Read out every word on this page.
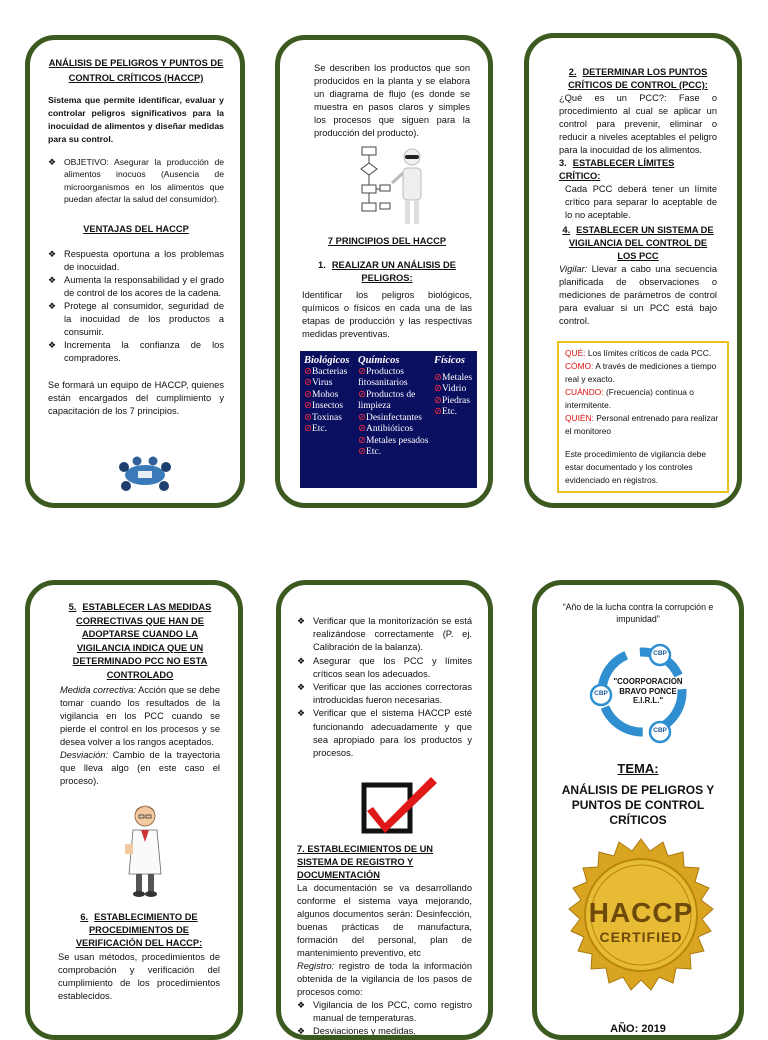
ANÁLISIS DE PELIGROS Y PUNTOS DE CONTROL CRÍTICOS (HACCP)
Sistema que permite identificar, evaluar y controlar peligros significativos para la inocuidad de alimentos y diseñar medidas para su control.
❖ OBJETIVO: Asegurar la producción de alimentos inocuos (Ausencia de microorganismos en los alimentos que puedan afectar la salud del consumidor).
VENTAJAS DEL HACCP
❖ Respuesta oportuna a los problemas de inocuidad.
❖ Aumenta la responsabilidad y el grado de control de los acores de la cadena.
❖ Protege al consumidor, seguridad de la inocuidad de los productos a consumir.
❖ Incrementa la confianza de los compradores.
Se formará un equipo de HACCP, quienes están encargados del cumplimiento y capacitación de los 7 principios.
Se describen los productos que son producidos en la planta y se elabora un diagrama de flujo (es donde se muestra en pasos claros y simples los procesos que siguen para la producción del producto).
7 PRINCIPIOS DEL HACCP
1. REALIZAR UN ANÁLISIS DE PELIGROS:
Identificar los peligros biológicos, químicos o físicos en cada una de las etapas de producción y las respectivas medidas preventivas.
Biológicos
⊘Bacterias
⊘Virus
⊘Mohos
⊘Insectos
⊘Toxinas
⊘Etc.
Químicos
⊘Productos fitosanitarios
⊘Productos de limpieza
⊘Desinfectantes
⊘Antibióticos
⊘Metales pesados
⊘Etc.
Físicos
⊘Metales
⊘Vidrio
⊘Piedras
⊘Etc.
2. DETERMINAR LOS PUNTOS CRÍTICOS DE CONTROL (PCC):
¿Qué es un PCC?: Fase o procedimiento al cual se aplicar un control para prevenir, eliminar o reducir a niveles aceptables el peligro para la inocuidad de los alimentos.
3. ESTABLECER LÍMITES CRÍTICO:
Cada PCC deberá tener un límite crítico para separar lo aceptable de lo no aceptable.
4. ESTABLECER UN SISTEMA DE VIGILANCIA DEL CONTROL DE LOS PCC
Vigilar: Llevar a cabo una secuencia planificada de observaciones o mediciones de parámetros de control para evaluar si un PCC está bajo control.
QUÉ: Los límites críticos de cada PCC.
CÓMO: A través de mediciones a tiempo real y exacto.
CUÁNDO: (Frecuencia) continua o intermitente.
QUIÉN: Personal entrenado para realizar el monitoreo
Este procedimiento de vigilancia debe estar documentado y los controles evidenciado en registros.
5. ESTABLECER LAS MEDIDAS CORRECTIVAS QUE HAN DE ADOPTARSE CUANDO LA VIGILANCIA INDICA QUE UN DETERMINADO PCC NO ESTA CONTROLADO
Medida correctiva: Acción que se debe tomar cuando los resultados de la vigilancia en los PCC cuando se pierde el control en los procesos y se desea volver a los rangos aceptados.
Desviación: Cambio de la trayectoria que lleva algo (en este caso el proceso).
6. ESTABLECIMIENTO DE PROCEDIMIENTOS DE VERIFICACIÓN DEL HACCP:
Se usan métodos, procedimientos de comprobación y verificación del cumplimiento de los procedimientos establecidos.
❖ Verificar que la monitorización se está realizándose correctamente (P. ej. Calibración de la balanza).
❖ Asegurar que los PCC y límites críticos sean los adecuados.
❖ Verificar que las acciones correctoras introducidas fueron necesarias.
❖ Verificar que el sistema HACCP esté funcionando adecuadamente y que sea apropiado para los productos y procesos.
7. ESTABLECIMIENTOS DE UN SISTEMA DE REGISTRO Y DOCUMENTACIÓN
La documentación se va desarrollando conforme el sistema vaya mejorando, algunos documentos serán: Desinfección, buenas prácticas de manufactura, formación del personal, plan de mantenimiento preventivo, etc
Registro: registro de toda la información obtenida de la vigilancia de los pasos de procesos como:
❖ Vigilancia de los PCC, como registro manual de temperaturas.
❖ Desviaciones y medidas.
“Año de la lucha contra la corrupción e impunidad”
CBP
CBP
CBP
"COORPORACION BRAVO PONCE E.I.R.L."
TEMA:
ANÁLISIS DE PELIGROS Y PUNTOS DE CONTROL CRÍTICOS
HACCP
CERTIFIED
AÑO: 2019
